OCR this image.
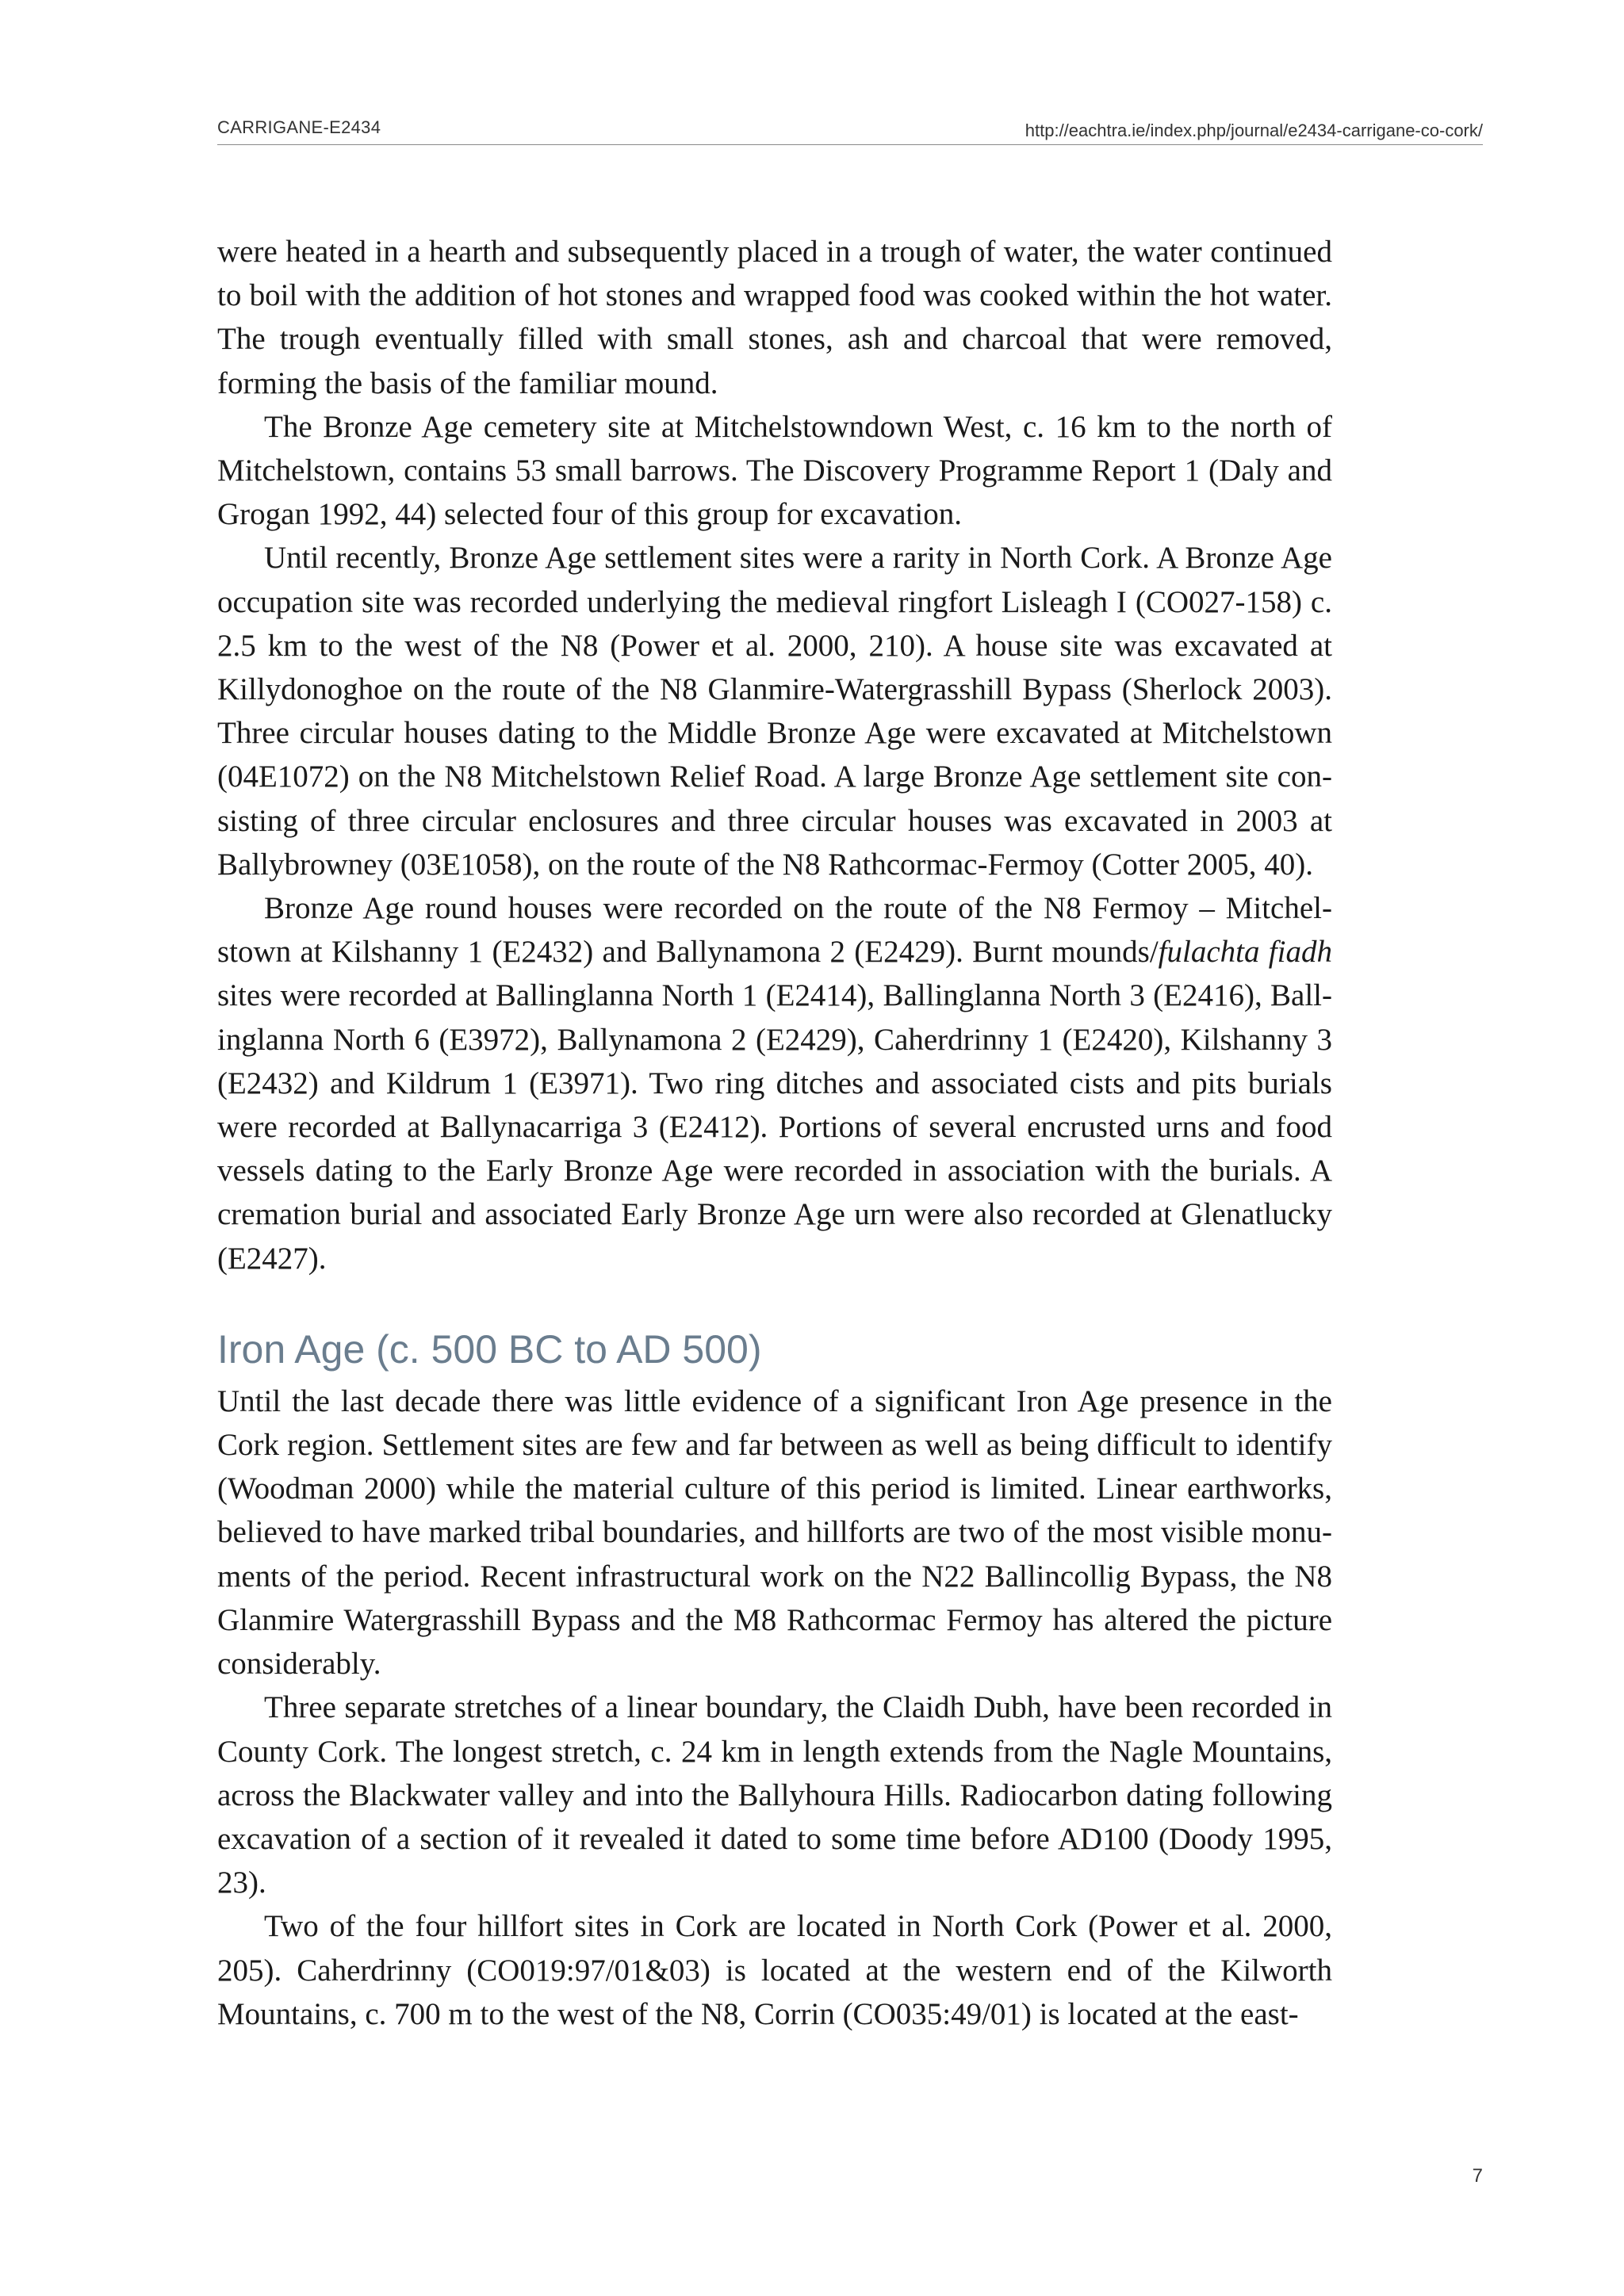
CARRIGANE-E2434	http://eachtra.ie/index.php/journal/e2434-carrigane-co-cork/

were heated in a hearth and subsequently placed in a trough of water, the water continued to boil with the addition of hot stones and wrapped food was cooked within the hot water. The trough eventually filled with small stones, ash and charcoal that were removed, forming the basis of the familiar mound.

The Bronze Age cemetery site at Mitchelstowndown West, c. 16 km to the north of Mitchelstown, contains 53 small barrows. The Discovery Programme Report 1 (Daly and Grogan 1992, 44) selected four of this group for excavation.

Until recently, Bronze Age settlement sites were a rarity in North Cork. A Bronze Age occupation site was recorded underlying the medieval ringfort Lisleagh I (CO027-158) c. 2.5 km to the west of the N8 (Power et al. 2000, 210). A house site was excavated at Killydonoghoe on the route of the N8 Glanmire-Watergrasshill Bypass (Sherlock 2003). Three circular houses dating to the Middle Bronze Age were excavated at Mitchelstown (04E1072) on the N8 Mitchelstown Relief Road. A large Bronze Age settlement site consisting of three circular enclosures and three circular houses was excavated in 2003 at Ballybrowney (03E1058), on the route of the N8 Rathcormac-Fermoy (Cotter 2005, 40).

Bronze Age round houses were recorded on the route of the N8 Fermoy – Mitchelstown at Kilshanny 1 (E2432) and Ballynamona 2 (E2429). Burnt mounds/fulachta fiadh sites were recorded at Ballinglanna North 1 (E2414), Ballinglanna North 3 (E2416), Ballinglanna North 6 (E3972), Ballynamona 2 (E2429), Caherdrinny 1 (E2420), Kilshanny 3 (E2432) and Kildrum 1 (E3971). Two ring ditches and associated cists and pits burials were recorded at Ballynacarriga 3 (E2412). Portions of several encrusted urns and food vessels dating to the Early Bronze Age were recorded in association with the burials. A cremation burial and associated Early Bronze Age urn were also recorded at Glenatlucky (E2427).

Iron Age (c. 500 BC to AD 500)

Until the last decade there was little evidence of a significant Iron Age presence in the Cork region. Settlement sites are few and far between as well as being difficult to identify (Woodman 2000) while the material culture of this period is limited. Linear earthworks, believed to have marked tribal boundaries, and hillforts are two of the most visible monuments of the period. Recent infrastructural work on the N22 Ballincollig Bypass, the N8 Glanmire Watergrasshill Bypass and the M8 Rathcormac Fermoy has altered the picture considerably.

Three separate stretches of a linear boundary, the Claidh Dubh, have been recorded in County Cork. The longest stretch, c. 24 km in length extends from the Nagle Mountains, across the Blackwater valley and into the Ballyhoura Hills. Radiocarbon dating following excavation of a section of it revealed it dated to some time before AD100 (Doody 1995, 23).

Two of the four hillfort sites in Cork are located in North Cork (Power et al. 2000, 205). Caherdrinny (CO019:97/01&03) is located at the western end of the Kilworth Mountains, c. 700 m to the west of the N8, Corrin (CO035:49/01) is located at the east-

7
